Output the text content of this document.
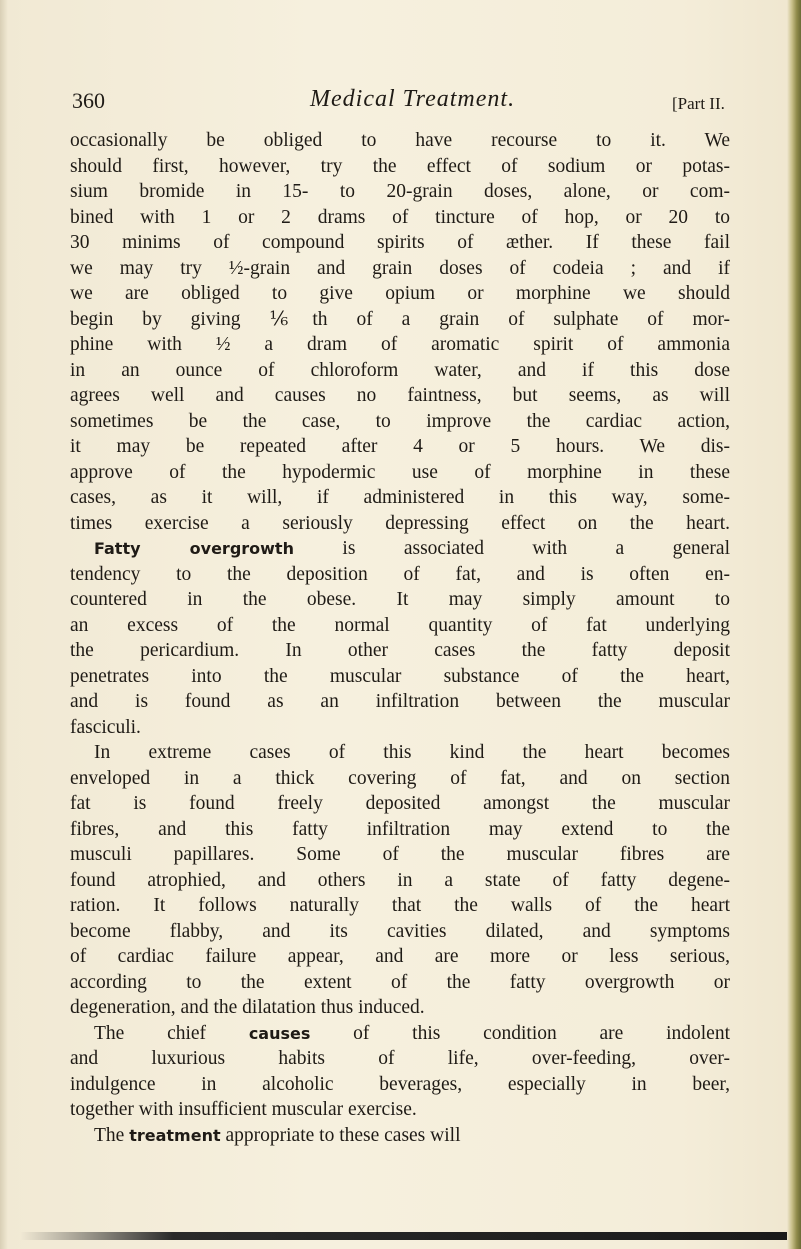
360	Medical Treatment.	[Part II.
occasionally be obliged to have recourse to it. We
should first, however, try the effect of sodium or potas-
sium bromide in 15- to 20-grain doses, alone, or com-
bined with 1 or 2 drams of tincture of hop, or 20 to
30 minims of compound spirits of æther. If these fail
we may try ½-grain and grain doses of codeia ; and if
we are obliged to give opium or morphine we should
begin by giving ⅙th of a grain of sulphate of mor-
phine with ½ a dram of aromatic spirit of ammonia
in an ounce of chloroform water, and if this dose
agrees well and causes no faintness, but seems, as will
sometimes be the case, to improve the cardiac action,
it may be repeated after 4 or 5 hours. We dis-
approve of the hypodermic use of morphine in these
cases, as it will, if administered in this way, some-
times exercise a seriously depressing effect on the heart.
Fatty overgrowth is associated with a general
tendency to the deposition of fat, and is often en-
countered in the obese. It may simply amount to
an excess of the normal quantity of fat underlying
the pericardium. In other cases the fatty deposit
penetrates into the muscular substance of the heart,
and is found as an infiltration between the muscular
fasciculi.
In extreme cases of this kind the heart becomes
enveloped in a thick covering of fat, and on section
fat is found freely deposited amongst the muscular
fibres, and this fatty infiltration may extend to the
musculi papillares. Some of the muscular fibres are
found atrophied, and others in a state of fatty degene-
ration. It follows naturally that the walls of the heart
become flabby, and its cavities dilated, and symptoms
of cardiac failure appear, and are more or less serious,
according to the extent of the fatty overgrowth or
degeneration, and the dilatation thus induced.
The chief causes of this condition are indolent
and luxurious habits of life, over-feeding, over-
indulgence in alcoholic beverages, especially in beer,
together with insufficient muscular exercise.
The treatment appropriate to these cases will
